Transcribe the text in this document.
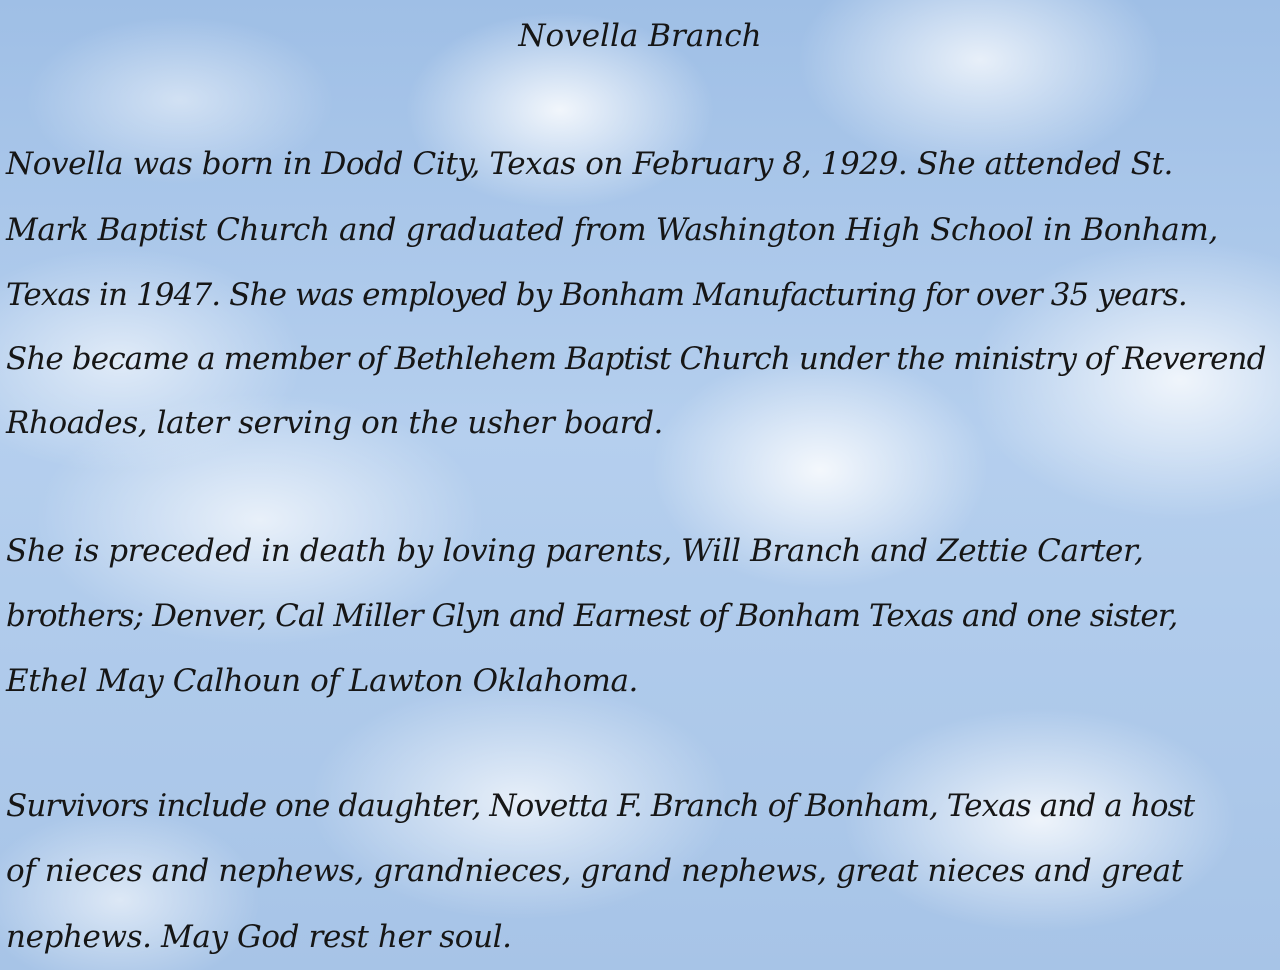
Novella Branch
Novella was born in Dodd City, Texas on February 8, 1929. She attended St.
Mark Baptist Church and graduated from Washington High School in Bonham,
Texas in 1947. She was employed by Bonham Manufacturing for over 35 years.
She became a member of Bethlehem Baptist Church under the ministry of Reverend
Rhoades, later serving on the usher board.
She is preceded in death by loving parents, Will Branch and Zettie Carter,
brothers; Denver, Cal Miller Glyn and Earnest of Bonham Texas and one sister,
Ethel May Calhoun of Lawton Oklahoma.
Survivors include one daughter, Novetta F. Branch of Bonham, Texas and a host
of nieces and nephews, grandnieces, grand nephews, great nieces and great
nephews. May God rest her soul.
